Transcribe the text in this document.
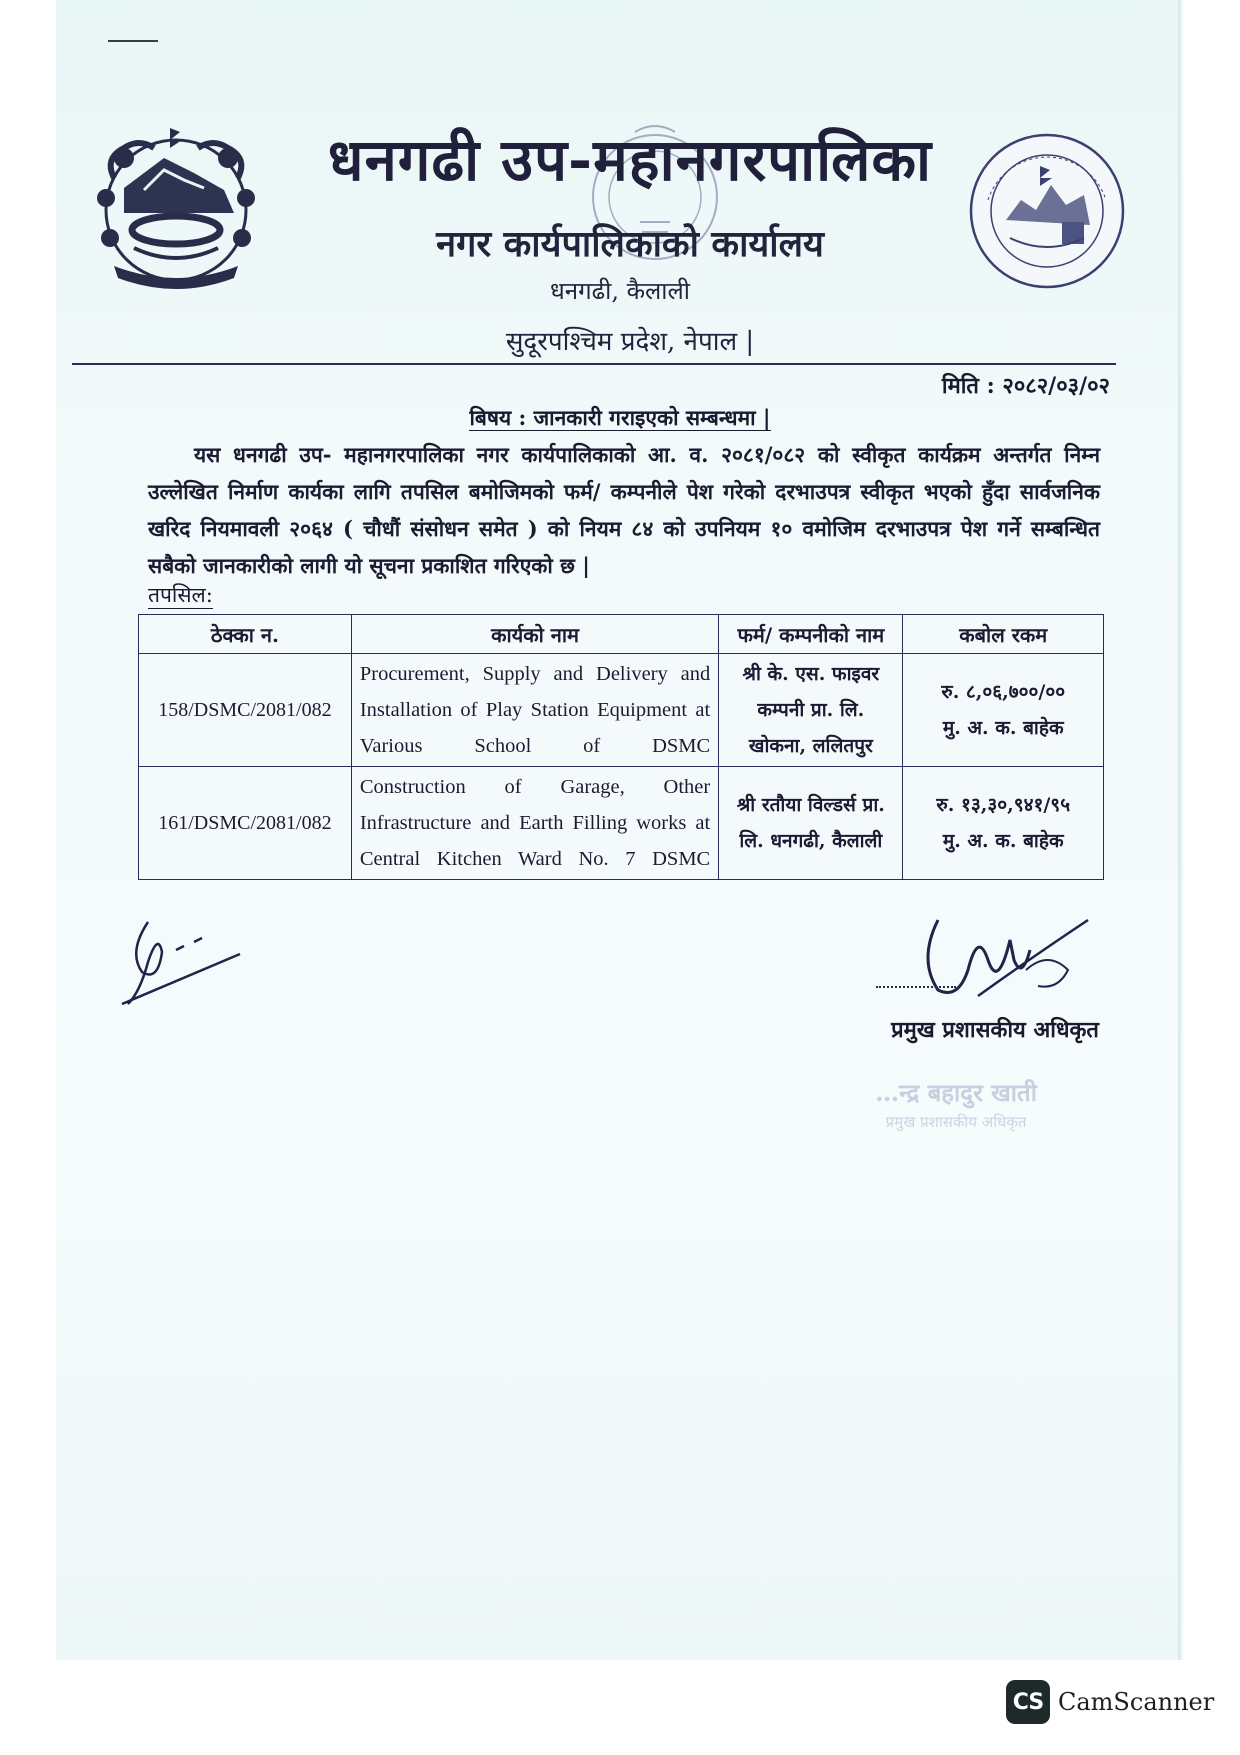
धनगढी उप-महानगरपालिका
नगर कार्यपालिकाको कार्यालय
धनगढी, कैलाली
सुदूरपश्चिम प्रदेश, नेपाल |
मिति : २०८२/०३/०२
बिषय : जानकारी गराइएको सम्बन्धमा |
यस धनगढी उप- महानगरपालिका नगर कार्यपालिकाको आ. व. २०८१/०८२ को स्वीकृत कार्यक्रम अन्तर्गत निम्न उल्लेखित निर्माण कार्यका लागि तपसिल बमोजिमको फर्म/ कम्पनीले पेश गरेको दरभाउपत्र स्वीकृत भएको हुँदा सार्वजनिक खरिद नियमावली २०६४ ( चौधौं संसोधन समेत ) को नियम ८४ को उपनियम १० वमोजिम दरभाउपत्र पेश गर्ने सम्बन्धित सबैको जानकारीको लागी यो सूचना प्रकाशित गरिएको छ |
तपसिल:
ठेक्का न.	कार्यको नाम	फर्म/ कम्पनीको नाम	कबोल रकम
158/DSMC/2081/082	Procurement, Supply and Delivery and Installation of Play Station Equipment at Various School of DSMC	श्री के. एस. फाइवर कम्पनी प्रा. लि. खोकना, ललितपुर	रु. ८,०६,७००/००
मु. अ. क. बाहेक

161/DSMC/2081/082	Construction of Garage, Other Infrastructure and Earth Filling works at Central Kitchen Ward No. 7 DSMC	श्री रतौया विल्डर्स प्रा. लि. धनगढी, कैलाली	रु. १३,३०,९४१/९५
मु. अ. क. बाहेक
प्रमुख प्रशासकीय अधिकृत
…न्द्र बहादुर खाती
प्रमुख प्रशासकीय अधिकृत
CS CamScanner
